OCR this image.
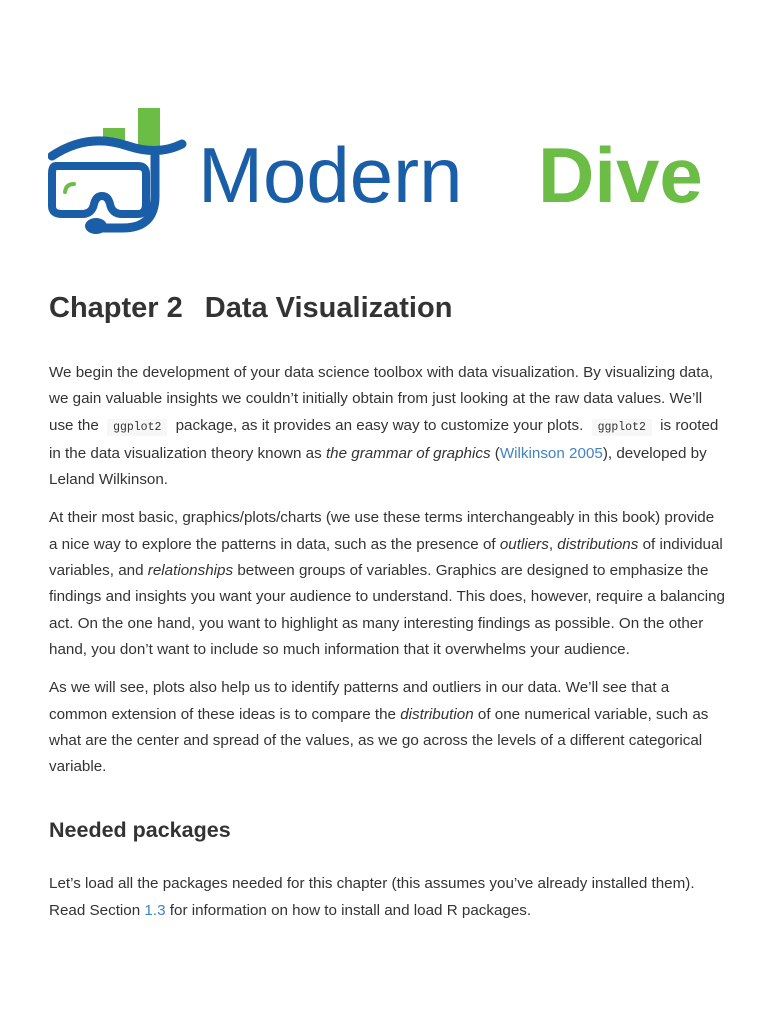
Modern Dive
Chapter 2 Data Visualization

We begin the development of your data science toolbox with data visualization. By visualizing data, we gain valuable insights we couldn’t initially obtain from just looking at the raw data values. We’ll use the ggplot2 package, as it provides an easy way to customize your plots. ggplot2 is rooted in the data visualization theory known as the grammar of graphics (Wilkinson 2005), developed by Leland Wilkinson.

At their most basic, graphics/plots/charts (we use these terms interchangeably in this book) provide a nice way to explore the patterns in data, such as the presence of outliers, distributions of individual variables, and relationships between groups of variables. Graphics are designed to emphasize the findings and insights you want your audience to understand. This does, however, require a balancing act. On the one hand, you want to highlight as many interesting findings as possible. On the other hand, you don’t want to include so much information that it overwhelms your audience.

As we will see, plots also help us to identify patterns and outliers in our data. We’ll see that a common extension of these ideas is to compare the distribution of one numerical variable, such as what are the center and spread of the values, as we go across the levels of a different categorical variable.

Needed packages

Let’s load all the packages needed for this chapter (this assumes you’ve already installed them). Read Section 1.3 for information on how to install and load R packages.
